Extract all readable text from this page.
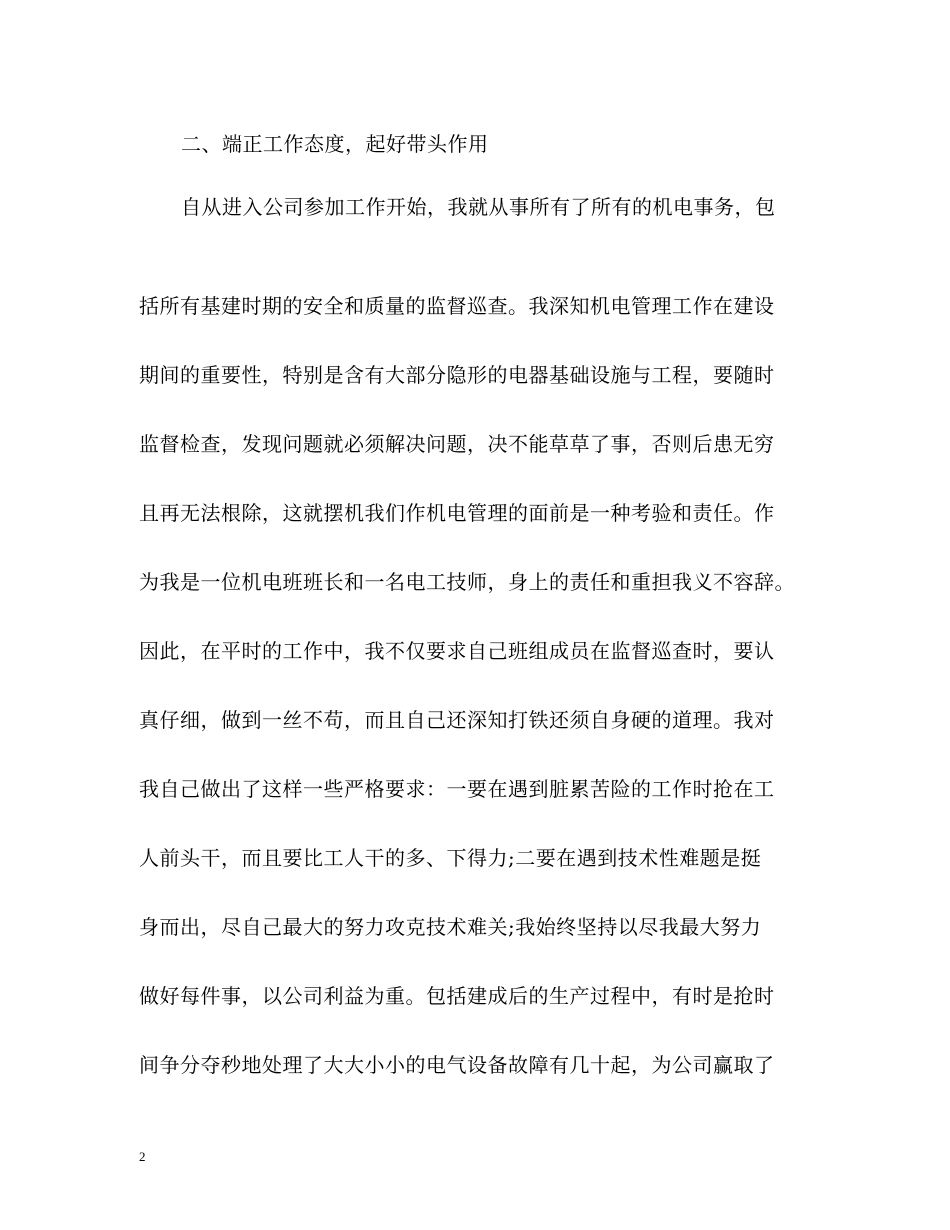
二、端正工作态度，起好带头作用
自从进入公司参加工作开始，我就从事所有了所有的机电事务，包
括所有基建时期的安全和质量的监督巡查。我深知机电管理工作在建设
期间的重要性，特别是含有大部分隐形的电器基础设施与工程，要随时
监督检查，发现问题就必须解决问题，决不能草草了事，否则后患无穷
且再无法根除，这就摆机我们作机电管理的面前是一种考验和责任。作
为我是一位机电班班长和一名电工技师，身上的责任和重担我义不容辞。
因此，在平时的工作中，我不仅要求自己班组成员在监督巡查时，要认
真仔细，做到一丝不苟，而且自己还深知打铁还须自身硬的道理。我对
我自己做出了这样一些严格要求：一要在遇到脏累苦险的工作时抢在工
人前头干，而且要比工人干的多、下得力;二要在遇到技术性难题是挺
身而出，尽自己最大的努力攻克技术难关;我始终坚持以尽我最大努力
做好每件事，以公司利益为重。包括建成后的生产过程中，有时是抢时
间争分夺秒地处理了大大小小的电气设备故障有几十起，为公司赢取了
2
